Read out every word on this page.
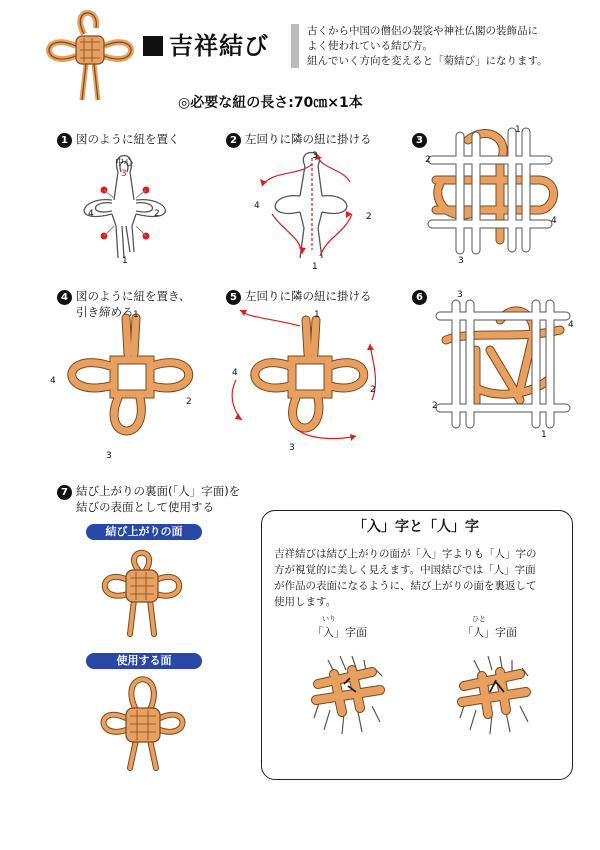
吉祥結び
古くから中国の僧侶の袈裟や神社仏閣の装飾品に
よく使われている結び方。
組んでいく方向を変えると「菊結び」になります。
◎必要な紐の長さ:70㎝×1本
1 図のように紐を置く	2 左回りに隣の紐に掛ける	3
中心
3
4	2
1
3
4
2
1
1
2
4
3
4 図のように紐を置き、
引き締める
5 左回りに隣の紐に掛ける	6
1
4
2
3
1
4
2
3
3
4
2
1
7 結び上がりの裏面(「人」字面)を
結びの表面として使用する
結び上がりの面
使用する面
「入」字と「人」字
吉祥結びは結び上がりの面が「入」字よりも「人」字の
方が視覚的に美しく見えます。中国結びでは「人」字面
が作品の表面になるように、結び上がりの面を裏返して
使用します。
いり
「入」字面
ひと
「人」字面
